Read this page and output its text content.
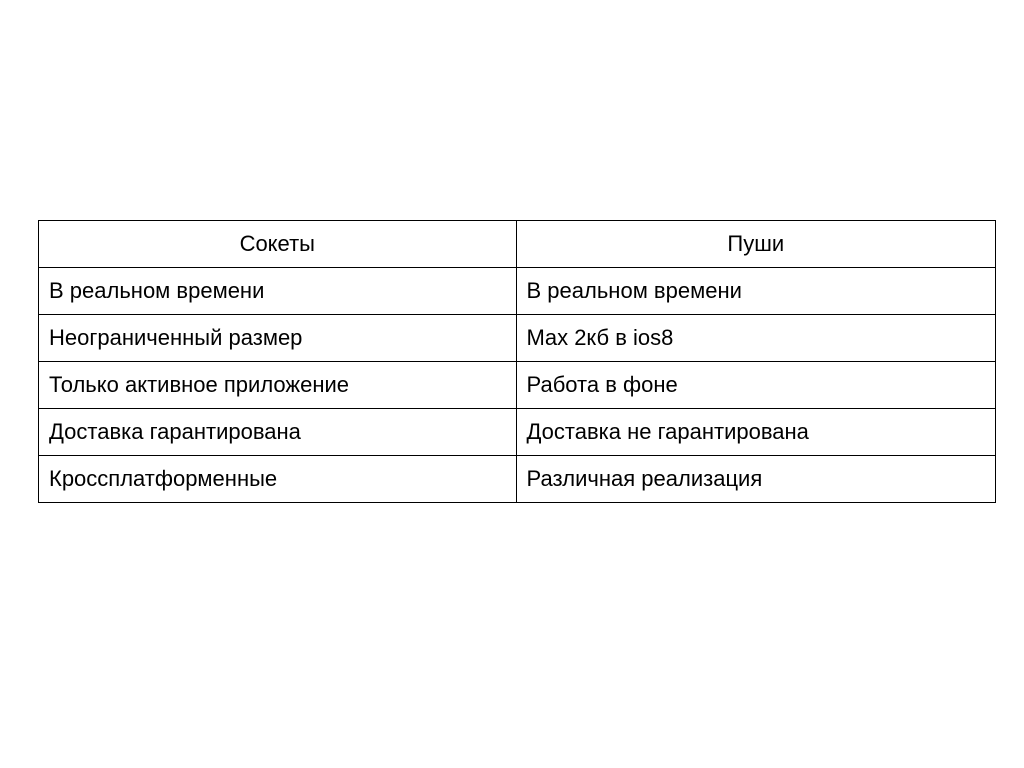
Сокеты	Пуши
В реальном времени	В реальном времени
Неограниченный размер	Max 2кб в ios8
Только активное приложение	Работа в фоне
Доставка гарантирована	Доставка не гарантирована
Кроссплатформенные	Различная реализация
